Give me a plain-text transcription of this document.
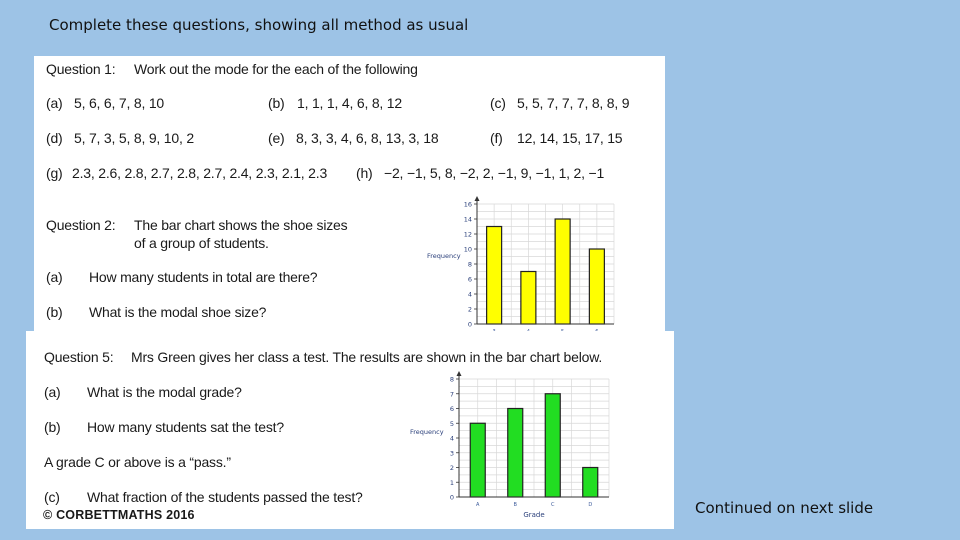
Complete these questions, showing all method as usual
Question 1: Work out the mode for the each of the following
(a) 5, 6, 6, 7, 8, 10	(b) 1, 1, 1, 4, 6, 8, 12	(c) 5, 5, 7, 7, 7, 8, 8, 9
(d) 5, 7, 3, 5, 8, 9, 10, 2	(e) 8, 3, 3, 4, 6, 8, 13, 3, 18	(f) 12, 14, 15, 17, 15
(g) 2.3, 2.6, 2.8, 2.7, 2.8, 2.7, 2.4, 2.3, 2.1, 2.3 (h) −2, −1, 5, 8, −2, 2, −1, 9, −1, 1, 2, −1
Question 2: The bar chart shows the shoe sizes
of a group of students.
(a) How many students in total are there?
(b) What is the modal shoe size?
0
2
4
6
8
10
12
14
16
Frequency
Question 5: Mrs Green gives her class a test. The results are shown in the bar chart below.
(a) What is the modal grade?
(b) How many students sat the test?
A grade C or above is a “pass.”
(c) What fraction of the students passed the test?
© CORBETTMATHS 2016
A	B	C	D
0
1
2
3
4
5
6
7
8
Frequency
Grade	Continued on next slide
